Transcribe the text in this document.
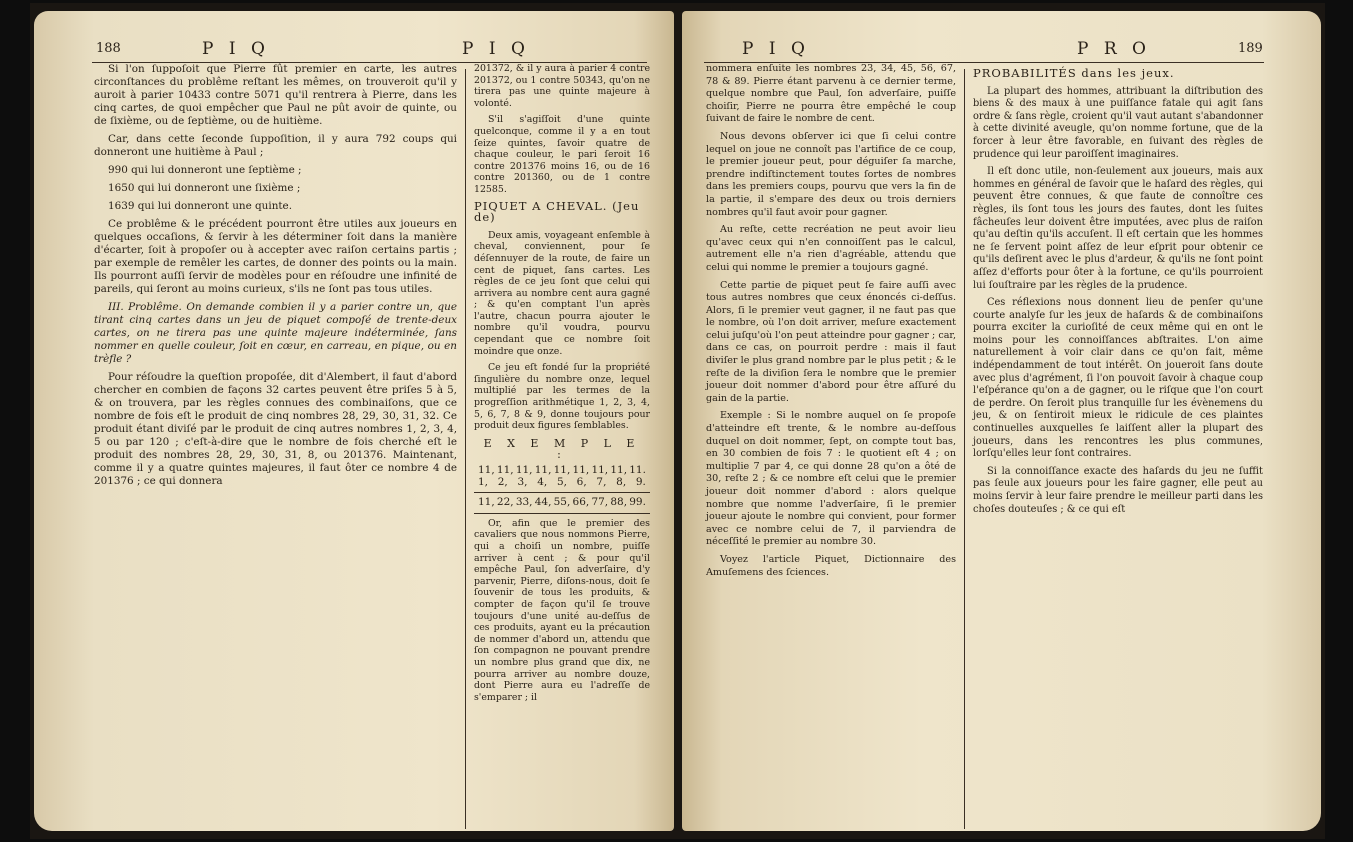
188	P I Q	P I Q

Si l'on ſuppoſoit que Pierre fût premier en carte, les autres circonſtances du problême reſtant les mêmes, on trouveroit qu'il y auroit à parier 10433 contre 5071 qu'il rentrera à Pierre, dans les cinq cartes, de quoi empêcher que Paul ne pût avoir de quinte, ou de ſixième, ou de ſeptième, ou de huitième.

Car, dans cette ſeconde ſuppoſition, il y aura 792 coups qui donneront une huitième à Paul ;

990 qui lui donneront une ſeptième ;

1650 qui lui donneront une ſixième ;

1639 qui lui donneront une quinte.

Ce problême & le précédent pourront être utiles aux joueurs en quelques occaſions, & ſervir à les déterminer ſoit dans la manière d'écarter, ſoit à propoſer ou à accepter avec raiſon certains partis ; par exemple de remêler les cartes, de donner des points ou la main. Ils pourront auſſi ſervir de modèles pour en réſoudre une infinité de pareils, qui ſeront au moins curieux, s'ils ne ſont pas tous utiles.

III. Problême. On demande combien il y a parier contre un, que tirant cinq cartes dans un jeu de piquet compoſé de trente-deux cartes, on ne tirera pas une quinte majeure indéterminée, ſans nommer en quelle couleur, ſoit en cœur, en carreau, en pique, ou en trèfle ?

Pour réſoudre la queſtion propoſée, dit d'Alembert, il faut d'abord chercher en combien de façons 32 cartes peuvent être priſes 5 à 5, & on trouvera, par les règles connues des combinaiſons, que ce nombre de fois eſt le produit de cinq nombres 28, 29, 30, 31, 32. Ce produit étant diviſé par le produit de cinq autres nombres 1, 2, 3, 4, 5 ou par 120 ; c'eſt-à-dire que le nombre de fois cherché eſt le produit des nombres 28, 29, 30, 31, 8, ou 201376. Maintenant, comme il y a quatre quintes majeures, il faut ôter ce nombre 4 de 201376 ; ce qui donnera

201372, & il y aura à parier 4 contre 201372, ou 1 contre 50343, qu'on ne tirera pas une quinte majeure à volonté.

S'il s'agiſſoit d'une quinte quelconque, comme il y a en tout ſeize quintes, ſavoir quatre de chaque couleur, le pari ſeroit 16 contre 201376 moins 16, ou de 16 contre 201360, ou de 1 contre 12585.

PIQUET A CHEVAL. (Jeu de)

Deux amis, voyageant enſemble à cheval, conviennent, pour ſe déſennuyer de la route, de faire un cent de piquet, ſans cartes. Les règles de ce jeu ſont que celui qui arrivera au nombre cent aura gagné ; & qu'en comptant l'un après l'autre, chacun pourra ajouter le nombre qu'il voudra, pourvu cependant que ce nombre ſoit moindre que onze.

Ce jeu eſt fondé ſur la propriété ſingulière du nombre onze, lequel multiplié par les termes de la progreſſion arithmétique 1, 2, 3, 4, 5, 6, 7, 8 & 9, donne toujours pour produit deux figures ſemblables.

E X E M P L E :
11, 11, 11, 11, 11, 11, 11, 11, 11.
1, 2, 3, 4, 5, 6, 7, 8, 9.
11, 22, 33, 44, 55, 66, 77, 88, 99.

Or, afin que le premier des cavaliers que nous nommons Pierre, qui a choiſi un nombre, puiſſe arriver à cent ; & pour qu'il empêche Paul, ſon adverſaire, d'y parvenir, Pierre, diſons-nous, doit ſe ſouvenir de tous les produits, & compter de façon qu'il ſe trouve toujours d'une unité au-deſſus de ces produits, ayant eu la précaution de nommer d'abord un, attendu que ſon compagnon ne pouvant prendre un nombre plus grand que dix, ne pourra arriver au nombre douze, dont Pierre aura eu l'adreſſe de s'emparer ; il

P I Q	P R O	189

nommera enſuite les nombres 23, 34, 45, 56, 67, 78 & 89. Pierre étant parvenu à ce dernier terme, quelque nombre que Paul, ſon adverſaire, puiſſe choiſir, Pierre ne pourra être empêché le coup ſuivant de faire le nombre de cent.

Nous devons obſerver ici que ſi celui contre lequel on joue ne connoît pas l'artifice de ce coup, le premier joueur peut, pour déguiſer ſa marche, prendre indiſtinctement toutes ſortes de nombres dans les premiers coups, pourvu que vers la fin de la partie, il s'empare des deux ou trois derniers nombres qu'il faut avoir pour gagner.

Au reſte, cette recréation ne peut avoir lieu qu'avec ceux qui n'en connoiſſent pas le calcul, autrement elle n'a rien d'agréable, attendu que celui qui nomme le premier a toujours gagné.

Cette partie de piquet peut ſe faire auſſi avec tous autres nombres que ceux énoncés ci-deſſus. Alors, ſi le premier veut gagner, il ne faut pas que le nombre, où l'on doit arriver, meſure exactement celui juſqu'où l'on peut atteindre pour gagner ; car, dans ce cas, on pourroit perdre : mais il faut diviſer le plus grand nombre par le plus petit ; & le reſte de la diviſion ſera le nombre que le premier joueur doit nommer d'abord pour être aſſuré du gain de la partie.

Exemple : Si le nombre auquel on ſe propoſe d'atteindre eſt trente, & le nombre au-deſſous duquel on doit nommer, ſept, on compte tout bas, en 30 combien de fois 7 : le quotient eſt 4 ; on multiplie 7 par 4, ce qui donne 28 qu'on a ôté de 30, reſte 2 ; & ce nombre eſt celui que le premier joueur doit nommer d'abord : alors quelque nombre que nomme l'adverſaire, ſi le premier joueur ajoute le nombre qui convient, pour former avec ce nombre celui de 7, il parviendra de néceſſité le premier au nombre 30.

Voyez l'article Piquet, Dictionnaire des Amuſemens des ſciences.

PROBABILITÉS dans les jeux.

La plupart des hommes, attribuant la diſtribution des biens & des maux à une puiſſance fatale qui agit ſans ordre & ſans règle, croient qu'il vaut autant s'abandonner à cette divinité aveugle, qu'on nomme fortune, que de la forcer à leur être favorable, en ſuivant des règles de prudence qui leur paroiſſent imaginaires.

Il eſt donc utile, non-ſeulement aux joueurs, mais aux hommes en général de ſavoir que le haſard des règles, qui peuvent être connues, & que faute de connoître ces règles, ils ſont tous les jours des fautes, dont les ſuites fâcheuſes leur doivent être imputées, avec plus de raiſon qu'au deſtin qu'ils accuſent. Il eſt certain que les hommes ne ſe ſervent point aſſez de leur eſprit pour obtenir ce qu'ils deſirent avec le plus d'ardeur, & qu'ils ne ſont point aſſez d'efforts pour ôter à la fortune, ce qu'ils pourroient lui ſouſtraire par les règles de la prudence.

Ces réflexions nous donnent lieu de penſer qu'une courte analyſe ſur les jeux de haſards & de combinaiſons pourra exciter la curioſité de ceux même qui en ont le moins pour les connoiſſances abſtraites. L'on aime naturellement à voir clair dans ce qu'on fait, même indépendamment de tout intérêt. On joueroit ſans doute avec plus d'agrément, ſi l'on pouvoit ſavoir à chaque coup l'eſpérance qu'on a de gagner, ou le riſque que l'on court de perdre. On ſeroit plus tranquille ſur les évènemens du jeu, & on ſentiroit mieux le ridicule de ces plaintes continuelles auxquelles ſe laiſſent aller la plupart des joueurs, dans les rencontres les plus communes, lorſqu'elles leur ſont contraires.

Si la connoiſſance exacte des haſards du jeu ne ſuffit pas ſeule aux joueurs pour les faire gagner, elle peut au moins ſervir à leur faire prendre le meilleur parti dans les choſes douteuſes ; & ce qui eſt
